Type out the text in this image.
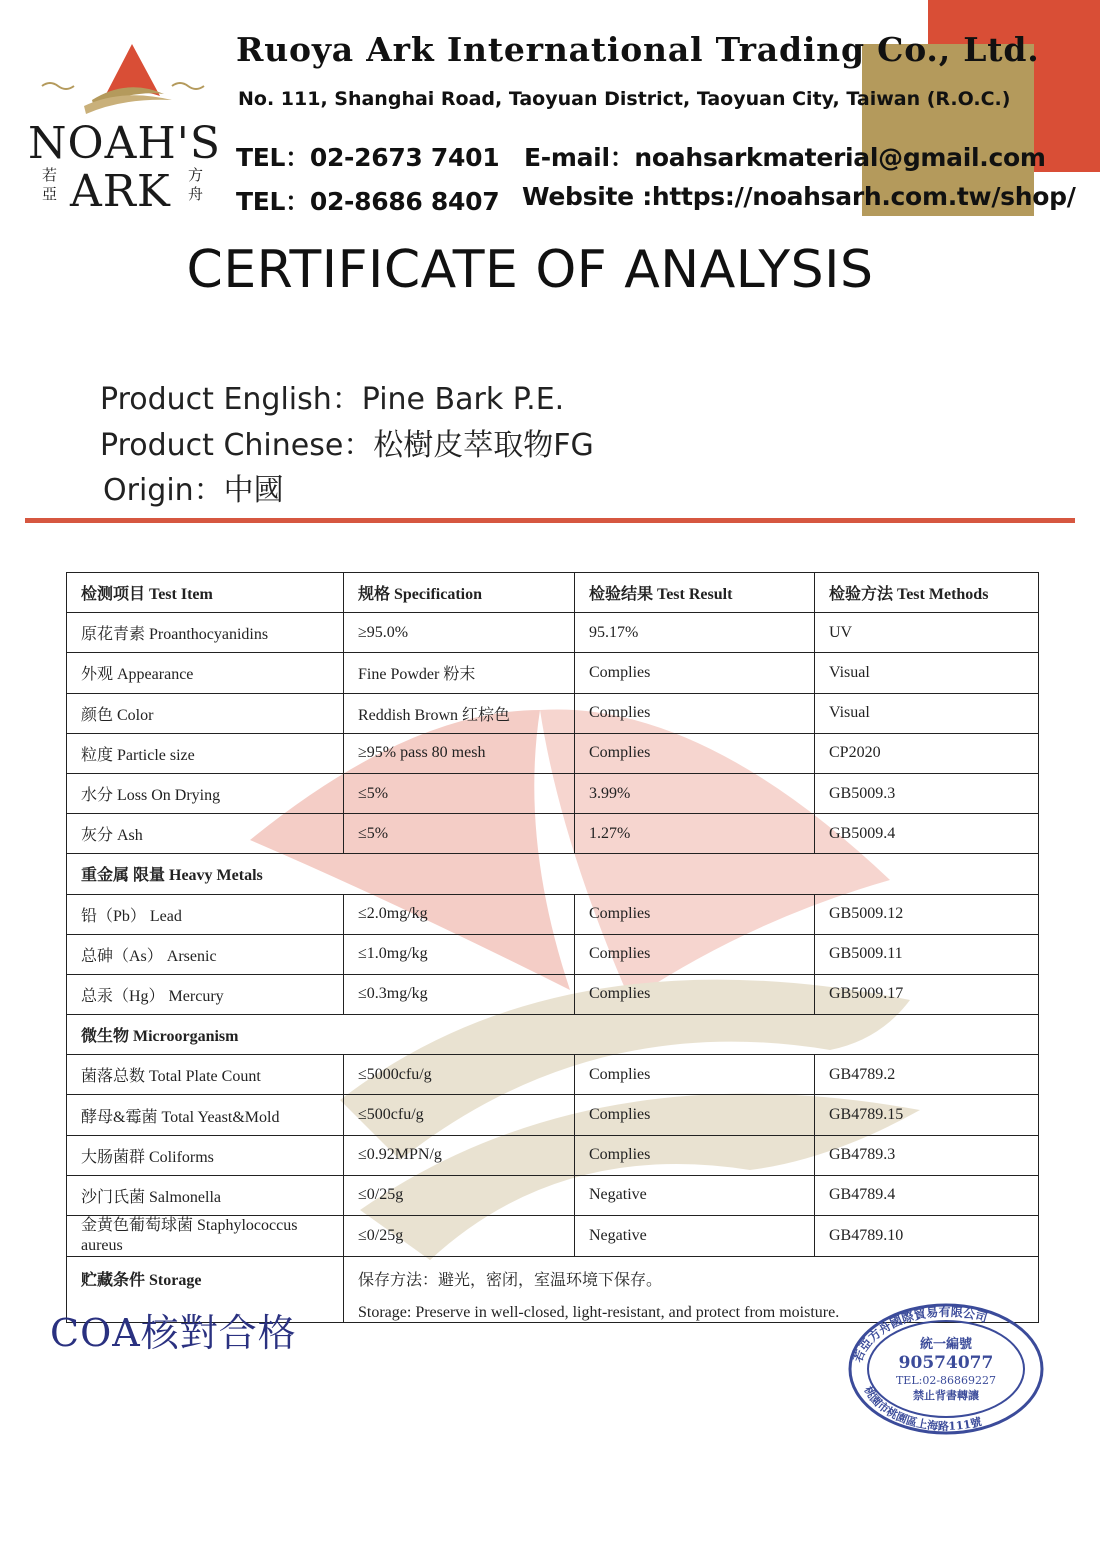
NOAH'S
ARK
若亞
方舟
Ruoya Ark International Trading Co., Ltd.
No. 111, Shanghai Road, Taoyuan District, Taoyuan City, Taiwan (R.O.C.)
TEL：02-2673 7401
TEL：02-8686 8407
E-mail：noahsarkmaterial@gmail.com
Website :https://noahsarh.com.tw/shop/
CERTIFICATE OF ANALYSIS
Product English：Pine Bark P.E.
Product Chinese：松樹皮萃取物FG
Origin：中國
检测项目 Test Item	规格 Specification	检验结果 Test Result	检验方法 Test Methods
原花青素 Proanthocyanidins	≥95.0%	95.17%	UV
外观 Appearance	Fine Powder 粉末	Complies	Visual
颜色 Color	Reddish Brown 红棕色	Complies	Visual
粒度 Particle size	≥95% pass 80 mesh	Complies	CP2020
水分 Loss On Drying	≤5%	3.99%	GB5009.3
灰分 Ash	≤5%	1.27%	GB5009.4
重金属 限量 Heavy Metals			
铅（Pb） Lead	≤2.0mg/kg	Complies	GB5009.12
总砷（As） Arsenic	≤1.0mg/kg	Complies	GB5009.11
总汞（Hg） Mercury	≤0.3mg/kg	Complies	GB5009.17
微生物 Microorganism			
菌落总数 Total Plate Count	≤5000cfu/g	Complies	GB4789.2
酵母&霉菌 Total Yeast&Mold	≤500cfu/g	Complies	GB4789.15
大肠菌群 Coliforms	≤0.92MPN/g	Complies	GB4789.3
沙门氏菌 Salmonella	≤0/25g	Negative	GB4789.4
金黄色葡萄球菌 Staphylococcus aureus	≤0/25g	Negative	GB4789.10
贮藏条件 Storage	保存方法：避光，密闭，室温环境下保存。
Storage: Preserve in well-closed, light-resistant, and protect from moisture.		
COA核對合格
若亞方舟國際貿易有限公司
桃園市桃園區上海路111號
統一編號
90574077
TEL:02-86869227
禁止背書轉讓
